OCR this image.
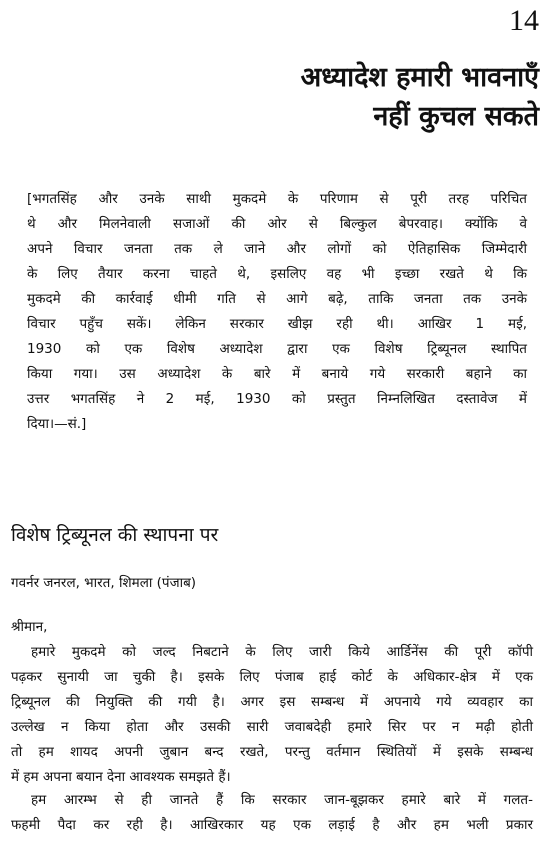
14
अध्यादेश हमारी भावनाएँ
नहीं कुचल सकते
[भगतसिंह और उनके साथी मुकदमे के परिणाम से पूरी तरह परिचित
थे और मिलनेवाली सजाओं की ओर से बिल्कुल बेपरवाह। क्योंकि वे
अपने विचार जनता तक ले जाने और लोगों को ऐतिहासिक जिम्मेदारी
के लिए तैयार करना चाहते थे, इसलिए वह भी इच्छा रखते थे कि
मुकदमे की कार्रवाई धीमी गति से आगे बढ़े, ताकि जनता तक उनके
विचार पहुँच सकें। लेकिन सरकार खीझ रही थी। आखिर 1 मई,
1930 को एक विशेष अध्यादेश द्वारा एक विशेष ट्रिब्यूनल स्थापित
किया गया। उस अध्यादेश के बारे में बनाये गये सरकारी बहाने का
उत्तर भगतसिंह ने 2 मई, 1930 को प्रस्तुत निम्नलिखित दस्तावेज में
दिया।—सं.]
विशेष ट्रिब्यूनल की स्थापना पर
गवर्नर जनरल, भारत, शिमला (पंजाब)
श्रीमान,
हमारे मुकदमे को जल्द निबटाने के लिए जारी किये आर्डिनेंस की पूरी कॉपी
पढ़कर सुनायी जा चुकी है। इसके लिए पंजाब हाई कोर्ट के अधिकार-क्षेत्र में एक
ट्रिब्यूनल की नियुक्ति की गयी है। अगर इस सम्बन्ध में अपनाये गये व्यवहार का
उल्लेख न किया होता और उसकी सारी जवाबदेही हमारे सिर पर न मढ़ी होती
तो हम शायद अपनी जुबान बन्द रखते, परन्तु वर्तमान स्थितियों में इसके सम्बन्ध
में हम अपना बयान देना आवश्यक समझते हैं।
हम आरम्भ से ही जानते हैं कि सरकार जान-बूझकर हमारे बारे में गलत-
फहमी पैदा कर रही है। आखिरकार यह एक लड़ाई है और हम भली प्रकार
